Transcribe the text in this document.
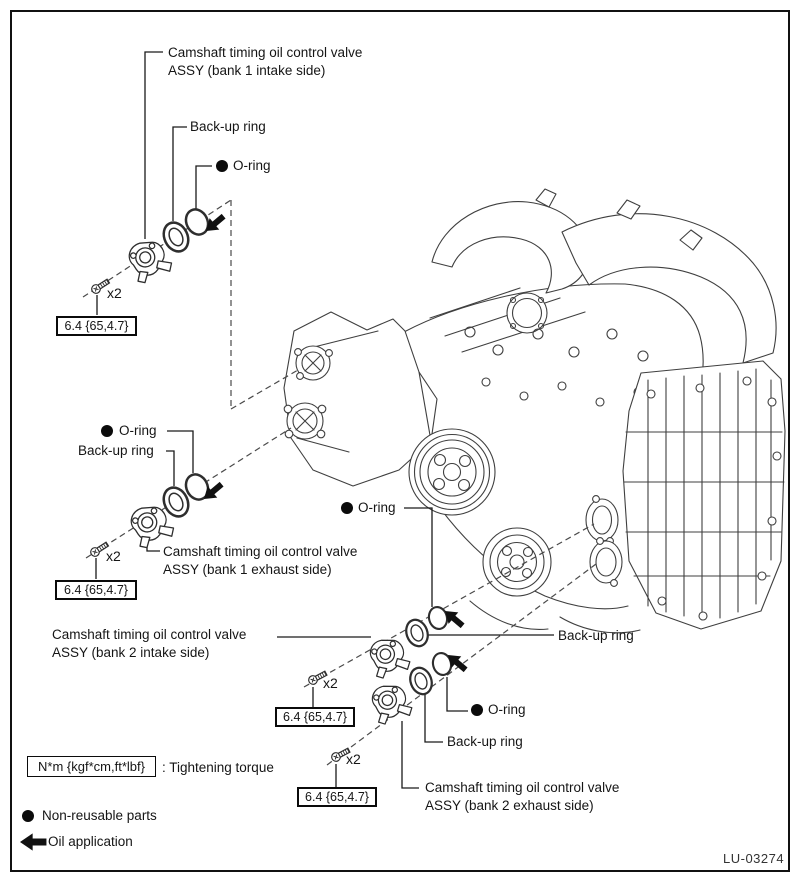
Camshaft timing oil control valve
ASSY (bank 1 intake side)
Back-up ring
O-ring
x2
6.4 {65,4.7}
O-ring
Back-up ring
Camshaft timing oil control valve
ASSY (bank 1 exhaust side)
x2
6.4 {65,4.7}
Camshaft timing oil control valve
ASSY (bank 2 intake side)
O-ring
Back-up ring
x2
6.4 {65,4.7}	O-ring
Back-up ring
Camshaft timing oil control valve
ASSY (bank 2 exhaust side)
x2
6.4 {65,4.7}
N*m {kgf*cm,ft*lbf}	: Tightening torque
Non-reusable parts
Oil application
LU-03274
